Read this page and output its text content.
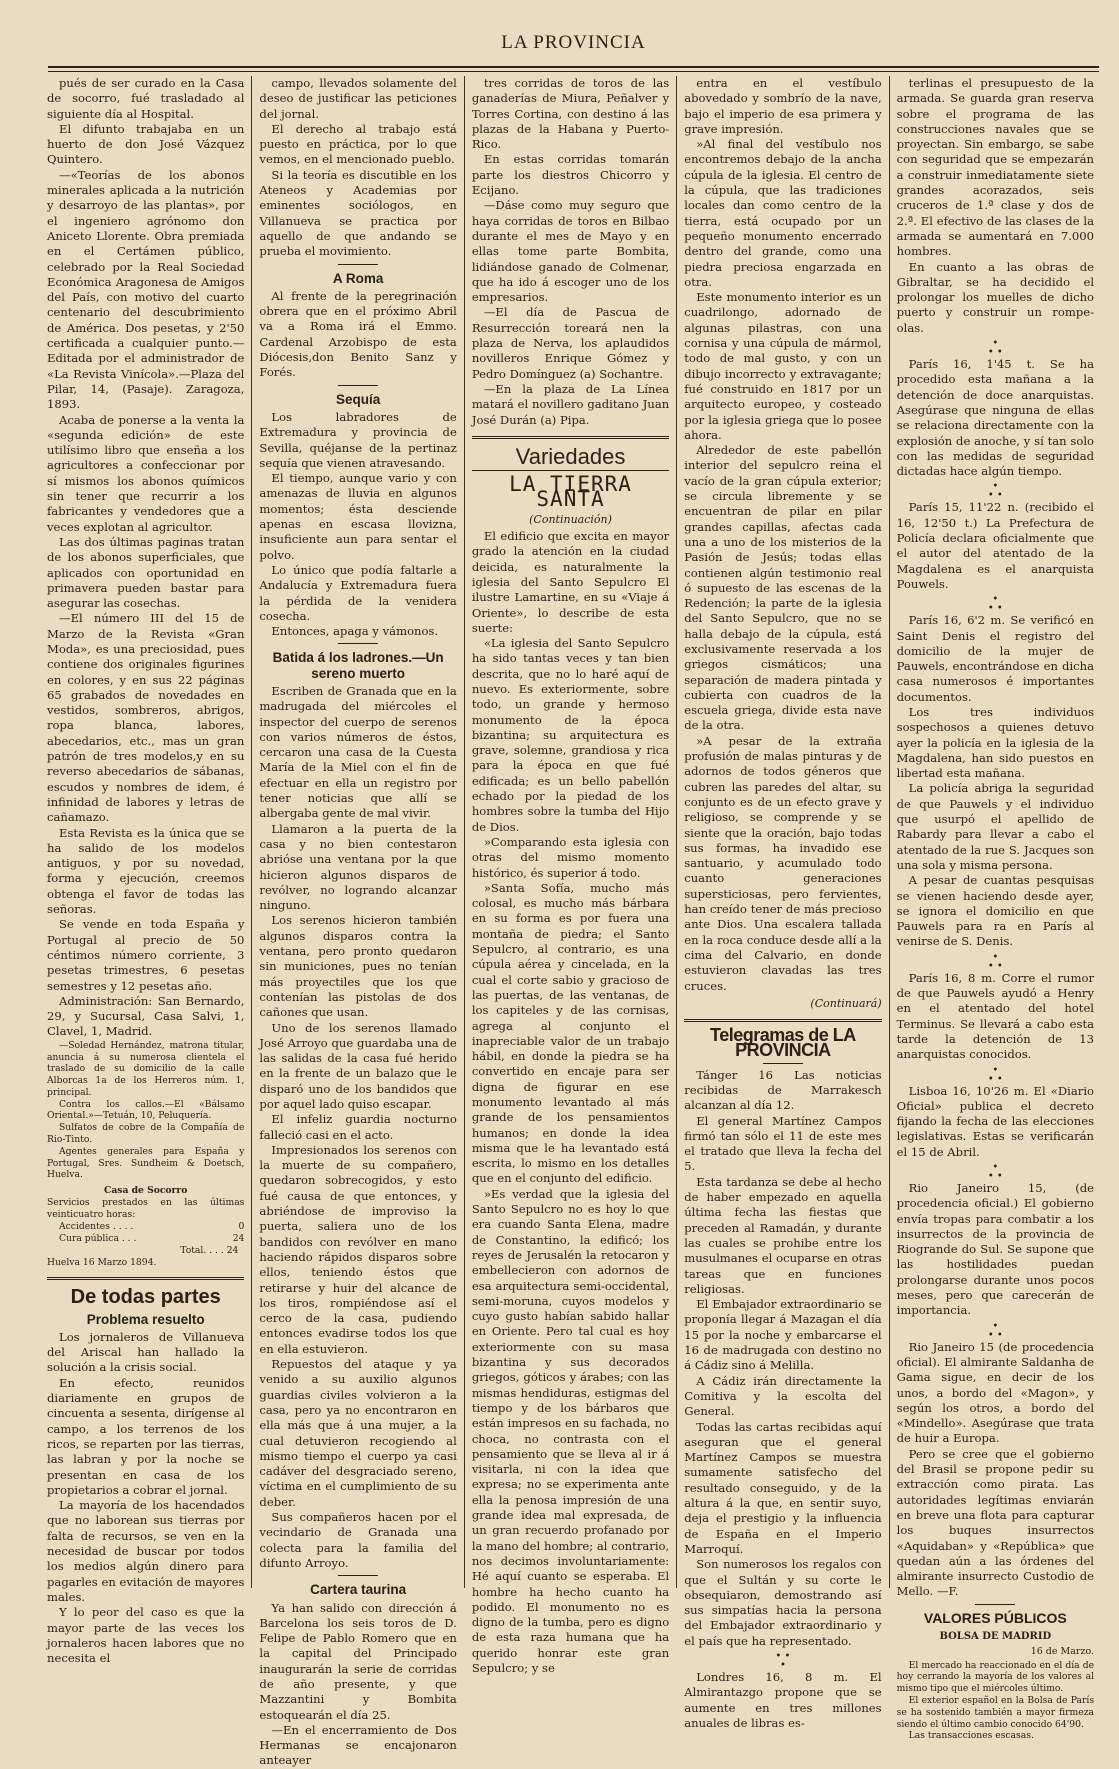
LA PROVINCIA

pués de ser curado en la Casa de socorro, fué trasladado al siguiente día al Hospital.

El difunto trabajaba en un huerto de don José Vázquez Quintero.

—«Teorías de los abonos minerales aplicada a la nutrición y desarroyo de las plantas», por el ingeniero agrónomo don Aniceto Llorente. Obra premiada en el Certámen público, celebrado por la Real Sociedad Económica Aragonesa de Amigos del País, con motivo del cuarto centenario del descubrimiento de América. Dos pesetas, y 2'50 certificada a cualquier punto.—Editada por el administrador de «La Revista Vinícola».—Plaza del Pilar, 14, (Pasaje). Zaragoza, 1893.

Acaba de ponerse a la venta la «segunda edición» de este utilísimo libro que enseña a los agricultores a confeccionar por sí mismos los abonos químicos sin tener que recurrir a los fabricantes y vendedores que a veces explotan al agricultor.

Las dos últimas paginas tratan de los abonos superficiales, que aplicados con oportunidad en primavera pueden bastar para asegurar las cosechas.

—El número III del 15 de Marzo de la Revista «Gran Moda», es una preciosidad, pues contiene dos originales figurines en colores, y en sus 22 páginas 65 grabados de novedades en vestidos, sombreros, abrigos, ropa blanca, labores, abecedarios, etc., mas un gran patrón de tres modelos,y en su reverso abecedarios de sábanas, escudos y nombres de idem, é infinidad de labores y letras de cañamazo.

Esta Revista es la única que se ha salido de los modelos antiguos, y por su novedad, forma y ejecución, creemos obtenga el favor de todas las señoras.

Se vende en toda España y Portugal al precio de 50 céntimos número corriente, 3 pesetas trimestres, 6 pesetas semestres y 12 pesetas año.

Administración: San Bernardo, 29, y Sucursal, Casa Salvi, 1, Clavel, 1, Madrid.

—Soledad Hernández, matrona titular, anuncia á su numerosa clientela el traslado de su domicilio de la calle Alborcas 1a de los Herreros núm. 1, principal.

Contra los callos.—El «Bálsamo Oriental.»—Tetuán, 10, Peluquería.

Sulfatos de cobre de la Compañía de Rio-Tinto.

Agentes generales para España y Portugal, Sres. Sundheim & Doetsch, Huelva.

Casa de Socorro
Servicios prestados en las últimas veinticuatro horas:
Accidentes . . . .	0
Cura pública . . .	24
Total. . . . 24
Huelva 16 Marzo 1894.
De todas partes
Problema resuelto

Los jornaleros de Villanueva del Ariscal han hallado la solución a la crisis social.

En efecto, reunidos diariamente en grupos de cincuenta a sesenta, dirígense al campo, a los terrenos de los ricos, se reparten por las tierras, las labran y por la noche se presentan en casa de los propietarios a cobrar el jornal.

La mayoría de los hacendados que no laborean sus tierras por falta de recursos, se ven en la necesidad de buscar por todos los medios algún dinero para pagarles en evitación de mayores males.

Y lo peor del caso es que la mayor parte de las veces los jornaleros hacen labores que no necesita el

campo, llevados solamente del deseo de justificar las peticiones del jornal.

El derecho al trabajo está puesto en práctica, por lo que vemos, en el mencionado pueblo.

Si la teoría es discutible en los Ateneos y Academias por eminentes sociólogos, en Villanueva se practica por aquello de que andando se prueba el movimiento.

A Roma

Al frente de la peregrinación obrera que en el próximo Abril va a Roma irá el Emmo. Cardenal Arzobispo de esta Diócesis,don Benito Sanz y Forés.

Sequía

Los labradores de Extremadura y provincia de Sevilla, quéjanse de la pertinaz sequía que vienen atravesando.

El tiempo, aunque vario y con amenazas de lluvia en algunos momentos; ésta desciende apenas en escasa llovizna, insuficiente aun para sentar el polvo.

Lo único que podía faltarle a Andalucía y Extremadura fuera la pérdida de la venidera cosecha.

Entonces, apaga y vámonos.

Batida á los ladrones.—Un sereno muerto

Escriben de Granada que en la madrugada del miércoles el inspector del cuerpo de serenos con varios números de éstos, cercaron una casa de la Cuesta María de la Miel con el fin de efectuar en ella un registro por tener noticias que allí se albergaba gente de mal vivir.

Llamaron a la puerta de la casa y no bien contestaron abrióse una ventana por la que hicieron algunos disparos de revólver, no logrando alcanzar ninguno.

Los serenos hicieron también algunos disparos contra la ventana, pero pronto quedaron sin municiones, pues no tenían más proyectiles que los que contenían las pistolas de dos cañones que usan.

Uno de los serenos llamado José Arroyo que guardaba una de las salidas de la casa fué herido en la frente de un balazo que le disparó uno de los bandidos que por aquel lado quiso escapar.

El infeliz guardia nocturno falleció casi en el acto.

Impresionados los serenos con la muerte de su compañero, quedaron sobrecogidos, y esto fué causa de que entonces, y abriéndose de improviso la puerta, saliera uno de los bandidos con revólver en mano haciendo rápidos disparos sobre ellos, teniendo éstos que retirarse y huir del alcance de los tiros, rompiéndose así el cerco de la casa, pudiendo entonces evadirse todos los que en ella estuvieron.

Repuestos del ataque y ya venido a su auxilio algunos guardias civiles volvieron a la casa, pero ya no encontraron en ella más que á una mujer, a la cual detuvieron recogiendo al mismo tiempo el cuerpo ya casi cadáver del desgraciado sereno, víctima en el cumplimiento de su deber.

Sus compañeros hacen por el vecindario de Granada una colecta para la familia del difunto Arroyo.

Cartera taurina

Ya han salido con dirección á Barcelona los seis toros de D. Felipe de Pablo Romero que en la capital del Principado inaugurarán la serie de corridas de año presente, y que Mazzantini y Bombita estoquearán el día 25.

—En el encerramiento de Dos Hermanas se encajonaron anteayer

tres corridas de toros de las ganaderías de Miura, Peñalver y Torres Cortina, con destino á las plazas de la Habana y Puerto-Rico.

En estas corridas tomarán parte los diestros Chicorro y Ecijano.

—Dáse como muy seguro que haya corridas de toros en Bilbao durante el mes de Mayo y en ellas tome parte Bombita, lidiándose ganado de Colmenar, que ha ido á escoger uno de los empresarios.

—El día de Pascua de Resurrección toreará nen la plaza de Nerva, los aplaudidos novilleros Enrique Gómez y Pedro Domínguez (a) Sochantre.

—En la plaza de La Línea matará el novillero gaditano Juan José Durán (a) Pipa.

Variedades
LA TIERRA SANTA
(Continuación)

El edificio que excita en mayor grado la atención en la ciudad deicida, es naturalmente la iglesia del Santo Sepulcro El ilustre Lamartine, en su «Viaje á Oriente», lo describe de esta suerte:

«La iglesia del Santo Sepulcro ha sido tantas veces y tan bien descrita, que no lo haré aquí de nuevo. Es exteriormente, sobre todo, un grande y hermoso monumento de la época bizantina; su arquitectura es grave, solemne, grandiosa y rica para la época en que fué edificada; es un bello pabellón echado por la piedad de los hombres sobre la tumba del Hijo de Dios.

»Comparando esta iglesia con otras del mismo momento histórico, és superior á todo.

»Santa Sofía, mucho más colosal, es mucho más bárbara en su forma es por fuera una montaña de piedra; el Santo Sepulcro, al contrario, es una cúpula aérea y cincelada, en la cual el corte sabio y gracioso de las puertas, de las ventanas, de los capiteles y de las cornisas, agrega al conjunto el inapreciable valor de un trabajo hábil, en donde la piedra se ha convertido en encaje para ser digna de figurar en ese monumento levantado al más grande de los pensamientos humanos; en donde la idea misma que le ha levantado está escrita, lo mismo en los detalles que en el conjunto del edificio.

»Es verdad que la iglesia del Santo Sepulcro no es hoy lo que era cuando Santa Elena, madre de Constantino, la edificó; los reyes de Jerusalén la retocaron y embellecieron con adornos de esa arquitectura semi-occidental, semi-moruna, cuyos modelos y cuyo gusto habían sabido hallar en Oriente. Pero tal cual es hoy exteriormente con su masa bizantina y sus decorados griegos, góticos y árabes; con las mismas hendiduras, estigmas del tiempo y de los bárbaros que están impresos en su fachada, no choca, no contrasta con el pensamiento que se lleva al ir á visitarla, ni con la idea que expresa; no se experimenta ante ella la penosa impresión de una grande idea mal expresada, de un gran recuerdo profanado por la mano del hombre; al contrario, nos decimos involuntariamente: Hé aquí cuanto se esperaba. El hombre ha hecho cuanto ha podido. El monumento no es digno de la tumba, pero es digno de esta raza humana que ha querido honrar este gran Sepulcro; y se

entra en el vestíbulo abovedado y sombrío de la nave, bajo el imperio de esa primera y grave impresión.

»Al final del vestíbulo nos encontremos debajo de la ancha cúpula de la iglesia. El centro de la cúpula, que las tradiciones locales dan como centro de la tierra, está ocupado por un pequeño monumento encerrado dentro del grande, como una piedra preciosa engarzada en otra.

Este monumento interior es un cuadrilongo, adornado de algunas pilastras, con una cornisa y una cúpula de mármol, todo de mal gusto, y con un dibujo incorrecto y extravagante; fué construido en 1817 por un arquitecto europeo, y costeado por la iglesia griega que lo posee ahora.

Alrededor de este pabellón interior del sepulcro reina el vacío de la gran cúpula exterior; se circula libremente y se encuentran de pilar en pilar grandes capillas, afectas cada una a uno de los misterios de la Pasión de Jesús; todas ellas contienen algún testimonio real ó supuesto de las escenas de la Redención; la parte de la iglesia del Santo Sepulcro, que no se halla debajo de la cúpula, está exclusivamente reservada a los griegos cismáticos; una separación de madera pintada y cubierta con cuadros de la escuela griega, divide esta nave de la otra.

»A pesar de la extraña profusión de malas pinturas y de adornos de todos géneros que cubren las paredes del altar, su conjunto es de un efecto grave y religioso, se comprende y se siente que la oración, bajo todas sus formas, ha invadido ese santuario, y acumulado todo cuanto generaciones supersticiosas, pero fervientes, han creído tener de más precioso ante Dios. Una escalera tallada en la roca conduce desde allí a la cima del Calvario, en donde estuvieron clavadas las tres cruces.

(Continuará)
Telegramas de LA PROVINCIA

Tánger 16 Las noticias recibidas de Marrakesch alcanzan al día 12.

El general Martínez Campos firmó tan sólo el 11 de este mes el tratado que lleva la fecha del 5.

Esta tardanza se debe al hecho de haber empezado en aquella última fecha las fiestas que preceden al Ramadán, y durante las cuales se prohibe entre los musulmanes el ocuparse en otras tareas que en funciones religiosas.

El Embajador extraordinario se proponía llegar á Mazagan el día 15 por la noche y embarcarse el 16 de madrugada con destino no á Cádiz sino á Melilla.

A Cádiz irán directamente la Comitiva y la escolta del General.

Todas las cartas recibidas aquí aseguran que el general Martínez Campos se muestra sumamente satisfecho del resultado conseguido, y de la altura á la que, en sentir suyo, deja el prestigio y la influencia de España en el Imperio Marroquí.

Son numerosos los regalos con que el Sultán y su corte le obsequiaron, demostrando así sus simpatías hacia la persona del Embajador extraordinario y el país que ha representado.

• •
•

Londres 16, 8 m. El Almirantazgo propone que se aumente en tres millones anuales de libras es-

terlinas el presupuesto de la armada. Se guarda gran reserva sobre el programa de las construcciones navales que se proyectan. Sin embargo, se sabe con seguridad que se empezarán a construir inmediatamente siete grandes acorazados, seis cruceros de 1.ª clase y dos de 2.ª. El efectivo de las clases de la armada se aumentará en 7.000 hombres.

En cuanto a las obras de Gibraltar, se ha decidido el prolongar los muelles de dicho puerto y construir un rompe-olas.

•
• •

París 16, 1'45 t. Se ha procedido esta mañana a la detención de doce anarquistas. Asegúrase que ninguna de ellas se relaciona directamente con la explosión de anoche, y sí tan solo con las medidas de seguridad dictadas hace algún tiempo.

•
• •

París 15, 11'22 n. (recibido el 16, 12'50 t.) La Prefectura de Policía declara oficialmente que el autor del atentado de la Magdalena es el anarquista Pouwels.

•
• •

París 16, 6'2 m. Se verificó en Saint Denis el registro del domicilio de la mujer de Pauwels, encontrándose en dicha casa numerosos é importantes documentos.

Los tres individuos sospechosos a quienes detuvo ayer la policía en la iglesia de la Magdalena, han sido puestos en libertad esta mañana.

La policía abriga la seguridad de que Pauwels y el individuo que usurpó el apellido de Rabardy para llevar a cabo el atentado de la rue S. Jacques son una sola y misma persona.

A pesar de cuantas pesquisas se vienen haciendo desde ayer, se ignora el domicilio en que Pauwels para ra en París al venirse de S. Denis.

•
• •

París 16, 8 m. Corre el rumor de que Pauwels ayudó a Henry en el atentado del hotel Terminus. Se llevará a cabo esta tarde la detención de 13 anarquistas conocidos.

•
• •

Lisboa 16, 10'26 m. El «Diario Oficial» publica el decreto fijando la fecha de las elecciones legislativas. Estas se verificarán el 15 de Abril.

•
• •

Rio Janeiro 15, (de procedencia oficial.) El gobierno envía tropas para combatir a los insurrectos de la provincia de Riogrande do Sul. Se supone que las hostilidades puedan prolongarse durante unos pocos meses, pero que carecerán de importancia.

•
• •

Rio Janeiro 15 (de procedencia oficial). El almirante Saldanha de Gama sigue, en decir de los unos, a bordo del «Magon», y según los otros, a bordo del «Mindello». Asegúrase que trata de huir a Europa.

Pero se cree que el gobierno del Brasil se propone pedir su extracción como pirata. Las autoridades legítimas enviarán en breve una flota para capturar los buques insurrectos «Aquidaban» y «República» que quedan aún a las órdenes del almirante insurrecto Custodio de Mello. —F.

VALORES PÚBLICOS
BOLSA DE MADRID
16 de Marzo.

El mercado ha reaccionado en el día de hoy cerrando la mayoría de los valores al mismo tipo que el miércoles último.

El exterior español en la Bolsa de París se ha sostenido también a mayor firmeza siendo el último cambio conocido 64'90.

Las transacciones escasas.
